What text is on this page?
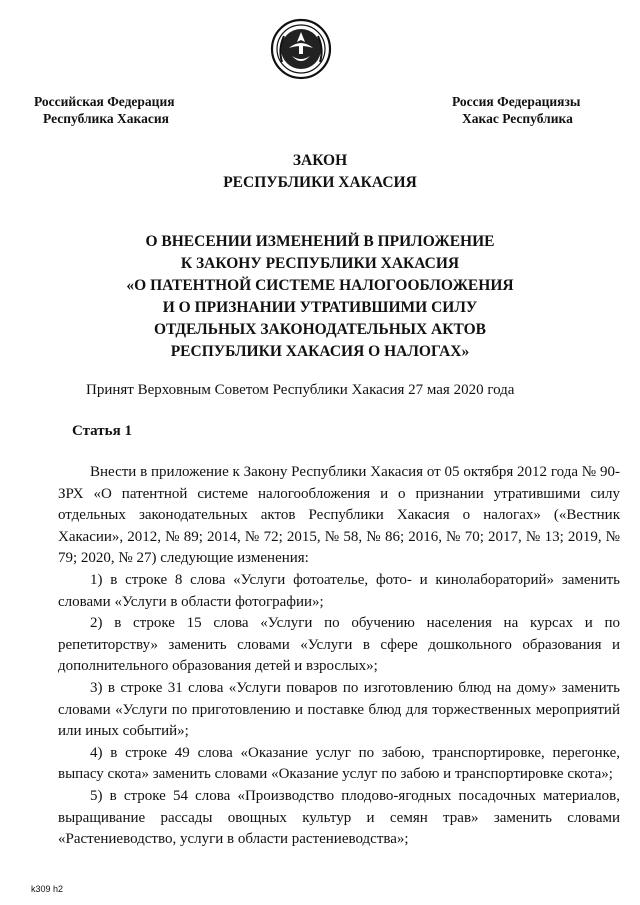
Российская Федерация
Республика Хакасия
Россия Федерациязы
Хакас Республика
ЗАКОН
РЕСПУБЛИКИ ХАКАСИЯ
О ВНЕСЕНИИ ИЗМЕНЕНИЙ В ПРИЛОЖЕНИЕ
К ЗАКОНУ РЕСПУБЛИКИ ХАКАСИЯ
«О ПАТЕНТНОЙ СИСТЕМЕ НАЛОГООБЛОЖЕНИЯ
И О ПРИЗНАНИИ УТРАТИВШИМИ СИЛУ
ОТДЕЛЬНЫХ ЗАКОНОДАТЕЛЬНЫХ АКТОВ
РЕСПУБЛИКИ ХАКАСИЯ О НАЛОГАХ»
Принят Верховным Советом Республики Хакасия 27 мая 2020 года
Статья 1

Внести в приложение к Закону Республики Хакасия от 05 октября 2012 года № 90-ЗРХ «О патентной системе налогообложения и о признании утратившими силу отдельных законодательных актов Республики Хакасия о налогах» («Вестник Хакасии», 2012, № 89; 2014, № 72; 2015, № 58, № 86; 2016, № 70; 2017, № 13; 2019, № 79; 2020, № 27) следующие изменения:

1) в строке 8 слова «Услуги фотоателье, фото- и кинолабораторий» заменить словами «Услуги в области фотографии»;

2) в строке 15 слова «Услуги по обучению населения на курсах и по репетиторству» заменить словами «Услуги в сфере дошкольного образования и дополнительного образования детей и взрослых»;

3) в строке 31 слова «Услуги поваров по изготовлению блюд на дому» заменить словами «Услуги по приготовлению и поставке блюд для торжественных мероприятий или иных событий»;

4) в строке 49 слова «Оказание услуг по забою, транспортировке, перегонке, выпасу скота» заменить словами «Оказание услуг по забою и транспортировке скота»;

5) в строке 54 слова «Производство плодово-ягодных посадочных материалов, выращивание рассады овощных культур и семян трав» заменить словами «Растениеводство, услуги в области растениеводства»;

k309 h2
